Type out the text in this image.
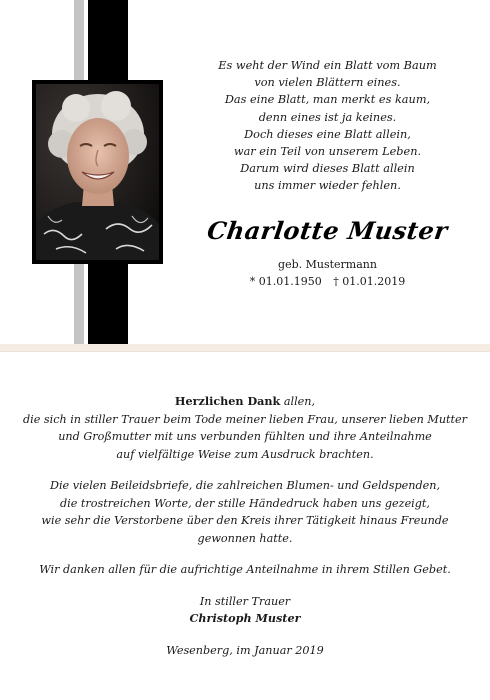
Es weht der Wind ein Blatt vom Baum
von vielen Blättern eines.
Das eine Blatt, man merkt es kaum,
denn eines ist ja keines.
Doch dieses eine Blatt allein,
war ein Teil von unserem Leben.
Darum wird dieses Blatt allein
uns immer wieder fehlen.
Charlotte Muster
geb. Mustermann
* 01.01.1950 † 01.01.2019
Herzlichen Dank allen,
die sich in stiller Trauer beim Tode meiner lieben Frau, unserer lieben Mutter
und Großmutter mit uns verbunden fühlten und ihre Anteilnahme
auf vielfältige Weise zum Ausdruck brachten.
Die vielen Beileidsbriefe, die zahlreichen Blumen- und Geldspenden,
die trostreichen Worte, der stille Händedruck haben uns gezeigt,
wie sehr die Verstorbene über den Kreis ihrer Tätigkeit hinaus Freunde
gewonnen hatte.
Wir danken allen für die aufrichtige Anteilnahme in ihrem Stillen Gebet.
In stiller Trauer
Christoph Muster
Wesenberg, im Januar 2019
